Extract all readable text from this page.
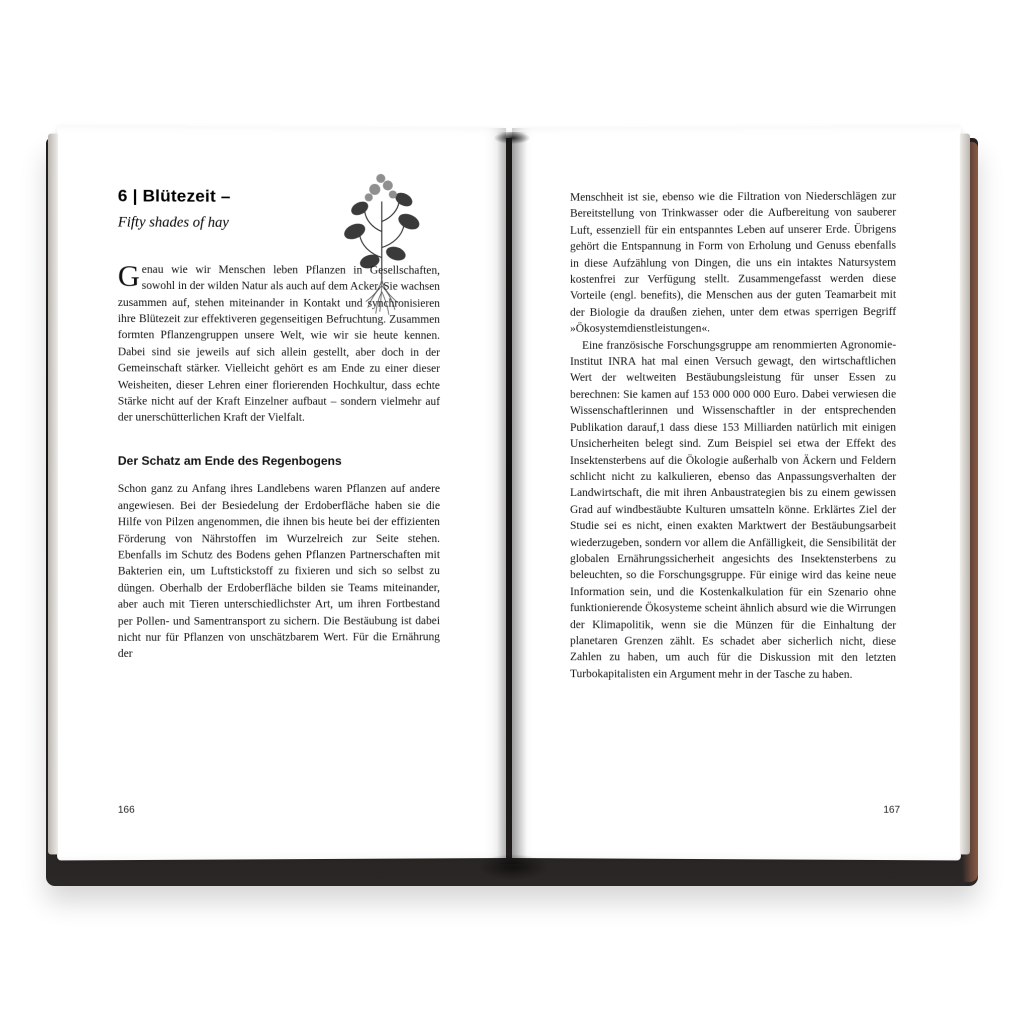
6 | Blütezeit –
Fifty shades of hay

Genau wie wir Menschen leben Pflanzen in Gesellschaften, sowohl in der wilden Natur als auch auf dem Acker. Sie wachsen zusammen auf, stehen miteinander in Kontakt und synchronisieren ihre Blütezeit zur effektiveren gegenseitigen Befruchtung. Zusammen formten Pflanzengruppen unsere Welt, wie wir sie heute kennen. Dabei sind sie jeweils auf sich allein gestellt, aber doch in der Gemeinschaft stärker. Vielleicht gehört es am Ende zu einer dieser Weisheiten, dieser Lehren einer florierenden Hochkultur, dass echte Stärke nicht auf der Kraft Einzelner aufbaut – sondern vielmehr auf der unerschütterlichen Kraft der Vielfalt.

Der Schatz am Ende des Regenbogens

Schon ganz zu Anfang ihres Landlebens waren Pflanzen auf andere angewiesen. Bei der Besiedelung der Erdoberfläche haben sie die Hilfe von Pilzen angenommen, die ihnen bis heute bei der effizienten Förderung von Nährstoffen im Wurzelreich zur Seite stehen. Ebenfalls im Schutz des Bodens gehen Pflanzen Partnerschaften mit Bakterien ein, um Luftstickstoff zu fixieren und sich so selbst zu düngen. Oberhalb der Erdoberfläche bilden sie Teams miteinander, aber auch mit Tieren unterschiedlichster Art, um ihren Fortbestand per Pollen- und Samentransport zu sichern. Die Bestäubung ist dabei nicht nur für Pflanzen von unschätzbarem Wert. Für die Ernährung der

166

Menschheit ist sie, ebenso wie die Filtration von Niederschlägen zur Bereitstellung von Trinkwasser oder die Aufbereitung von sauberer Luft, essenziell für ein entspanntes Leben auf unserer Erde. Übrigens gehört die Entspannung in Form von Erholung und Genuss ebenfalls in diese Aufzählung von Dingen, die uns ein intaktes Natursystem kostenfrei zur Verfügung stellt. Zusammengefasst werden diese Vorteile (engl. benefits), die Menschen aus der guten Teamarbeit mit der Biologie da draußen ziehen, unter dem etwas sperrigen Begriff »Ökosystemdienstleistungen«.

Eine französische Forschungsgruppe am renommierten Agronomie-Institut INRA hat mal einen Versuch gewagt, den wirtschaftlichen Wert der weltweiten Bestäubungsleistung für unser Essen zu berechnen: Sie kamen auf 153 000 000 000 Euro. Dabei verwiesen die Wissenschaftlerinnen und Wissenschaftler in der entsprechenden Publikation darauf,1 dass diese 153 Milliarden natürlich mit einigen Unsicherheiten belegt sind. Zum Beispiel sei etwa der Effekt des Insektensterbens auf die Ökologie außerhalb von Äckern und Feldern schlicht nicht zu kalkulieren, ebenso das Anpassungsverhalten der Landwirtschaft, die mit ihren Anbaustrategien bis zu einem gewissen Grad auf windbestäubte Kulturen umsatteln könne. Erklärtes Ziel der Studie sei es nicht, einen exakten Marktwert der Bestäubungsarbeit wiederzugeben, sondern vor allem die Anfälligkeit, die Sensibilität der globalen Ernährungssicherheit angesichts des Insektensterbens zu beleuchten, so die Forschungsgruppe. Für einige wird das keine neue Information sein, und die Kostenkalkulation für ein Szenario ohne funktionierende Ökosysteme scheint ähnlich absurd wie die Wirrungen der Klimapolitik, wenn sie die Münzen für die Einhaltung der planetaren Grenzen zählt. Es schadet aber sicherlich nicht, diese Zahlen zu haben, um auch für die Diskussion mit den letzten Turbokapitalisten ein Argument mehr in der Tasche zu haben.

167
